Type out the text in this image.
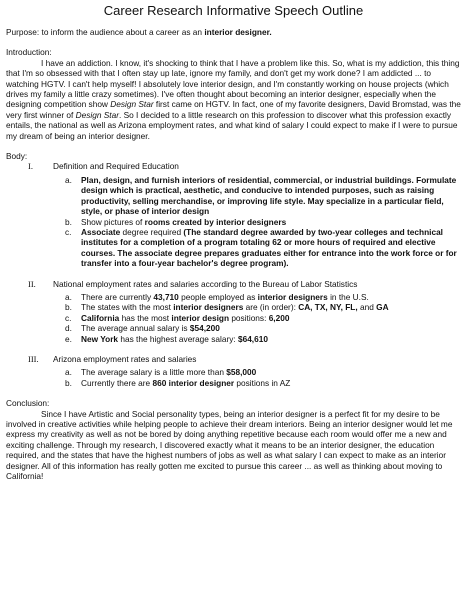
Career Research Informative Speech Outline
Purpose: to inform the audience about a career as an interior designer.
Introduction:

I have an addiction. I know, it's shocking to think that I have a problem like this. So, what is my addiction, this thing that I'm so obsessed with that I often stay up late, ignore my family, and don't get my work done? I am addicted ... to watching HGTV. I can't help myself! I absolutely love interior design, and I'm constantly working on house projects (which drives my family a little crazy sometimes). I've often thought about becoming an interior designer, especially when the designing competition show Design Star first came on HGTV. In fact, one of my favorite designers, David Bromstad, was the very first winner of Design Star. So I decided to a little research on this profession to discover what this profession exactly entails, the national as well as Arizona employment rates, and what kind of salary I could expect to make if I were to pursue my dream of being an interior designer.

Body:
I.	Definition and Required Education
a.	Plan, design, and furnish interiors of residential, commercial, or industrial buildings. Formulate design which is practical, aesthetic, and conducive to intended purposes, such as raising productivity, selling merchandise, or improving life style. May specialize in a particular field, style, or phase of interior design
b.	Show pictures of rooms created by interior designers
c.	Associate degree required (The standard degree awarded by two-year colleges and technical institutes for a completion of a program totaling 62 or more hours of required and elective courses. The associate degree prepares graduates either for entrance into the work force or for transfer into a four-year bachelor's degree program).
II.	National employment rates and salaries according to the Bureau of Labor Statistics
a.	There are currently 43,710 people employed as interior designers in the U.S.
b.	The states with the most interior designers are (in order): CA, TX, NY, FL, and GA
c.	California has the most interior design positions: 6,200
d.	The average annual salary is $54,200
e.	New York has the highest average salary: $64,610
III.	Arizona employment rates and salaries
a.	The average salary is a little more than $58,000
b.	Currently there are 860 interior designer positions in AZ
Conclusion:

Since I have Artistic and Social personality types, being an interior designer is a perfect fit for my desire to be involved in creative activities while helping people to achieve their dream interiors. Being an interior designer would let me express my creativity as well as not be bored by doing anything repetitive because each room would offer me a new and exciting challenge. Through my research, I discovered exactly what it means to be an interior designer, the education required, and the states that have the highest numbers of jobs as well as what salary I can expect to make as an interior designer. All of this information has really gotten me excited to pursue this career ... as well as thinking about moving to California!
